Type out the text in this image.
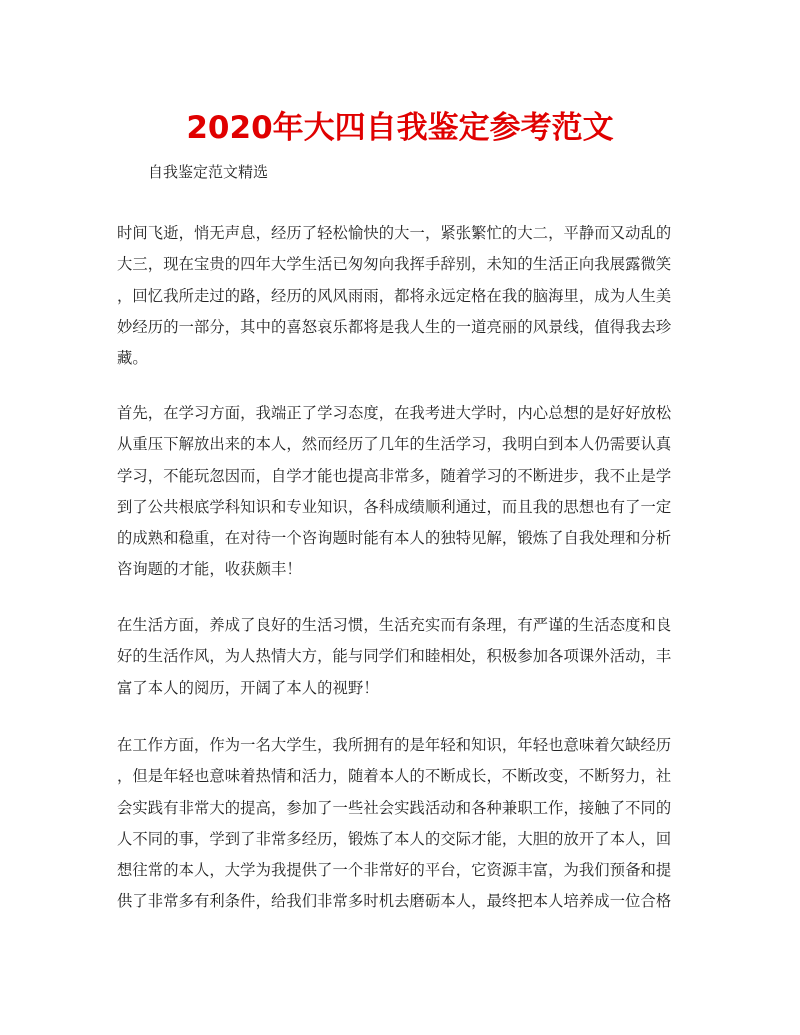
2020年大四自我鉴定参考范文
自我鉴定范文精选

时间飞逝，悄无声息，经历了轻松愉快的大一，紧张繁忙的大二，平静而又动乱的
大三，现在宝贵的四年大学生活已匆匆向我挥手辞别，未知的生活正向我展露微笑
，回忆我所走过的路，经历的风风雨雨，都将永远定格在我的脑海里，成为人生美
妙经历的一部分，其中的喜怒哀乐都将是我人生的一道亮丽的风景线，值得我去珍
藏。

首先，在学习方面，我端正了学习态度，在我考进大学时，内心总想的是好好放松
从重压下解放出来的本人，然而经历了几年的生活学习，我明白到本人仍需要认真
学习，不能玩忽因而，自学才能也提高非常多，随着学习的不断进步，我不止是学
到了公共根底学科知识和专业知识，各科成绩顺利通过，而且我的思想也有了一定
的成熟和稳重，在对待一个咨询题时能有本人的独特见解，锻炼了自我处理和分析
咨询题的才能，收获颇丰！

在生活方面，养成了良好的生活习惯，生活充实而有条理，有严谨的生活态度和良
好的生活作风，为人热情大方，能与同学们和睦相处，积极参加各项课外活动，丰
富了本人的阅历，开阔了本人的视野！

在工作方面，作为一名大学生，我所拥有的是年轻和知识，年轻也意味着欠缺经历
，但是年轻也意味着热情和活力，随着本人的不断成长，不断改变，不断努力，社
会实践有非常大的提高，参加了一些社会实践活动和各种兼职工作，接触了不同的
人不同的事，学到了非常多经历，锻炼了本人的交际才能，大胆的放开了本人，回
想往常的本人，大学为我提供了一个非常好的平台，它资源丰富，为我们预备和提
供了非常多有利条件，给我们非常多时机去磨砺本人，最终把本人培养成一位合格
